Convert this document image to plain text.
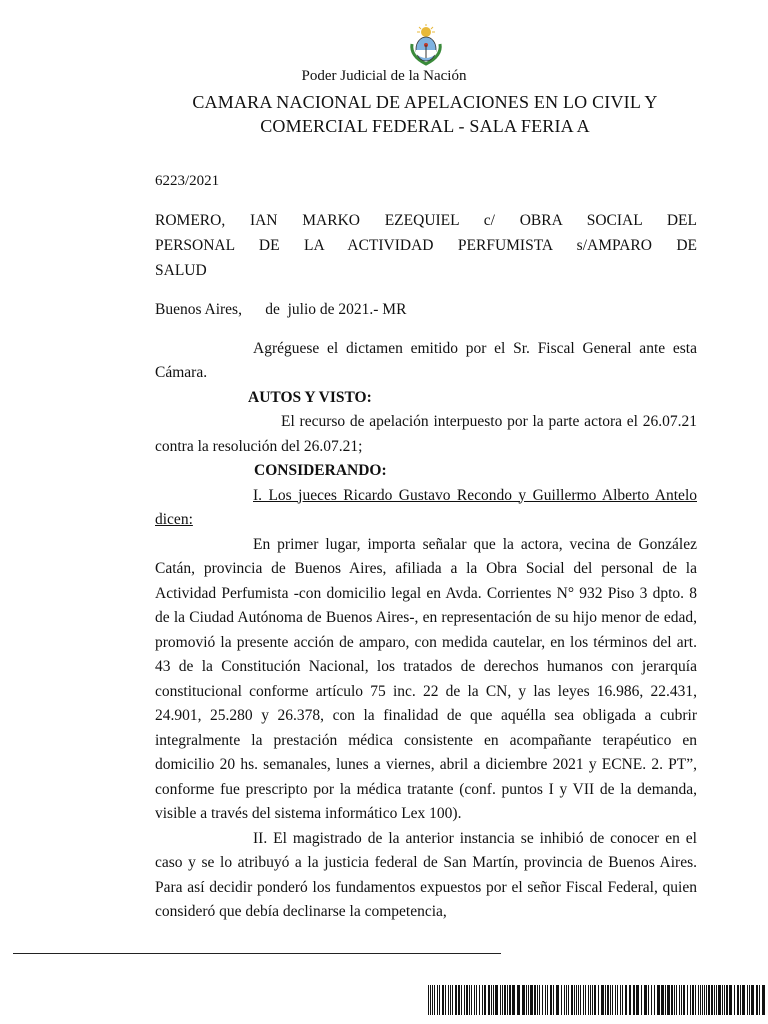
Poder Judicial de la Nación
CAMARA NACIONAL DE APELACIONES EN LO CIVIL Y
COMERCIAL FEDERAL - SALA FERIA A
6223/2021
ROMERO, IAN MARKO EZEQUIEL c/ OBRA SOCIAL DEL
PERSONAL DE LA ACTIVIDAD PERFUMISTA s/AMPARO DE
SALUD

Buenos Aires,      de  julio de 2021.- MR

Agréguese el dictamen emitido por el Sr. Fiscal General ante esta Cámara.

AUTOS Y VISTO:

El recurso de apelación interpuesto por la parte actora el 26.07.21 contra la resolución del 26.07.21;

CONSIDERANDO:

I. Los jueces Ricardo Gustavo Recondo y Guillermo Alberto Antelo dicen:

En primer lugar, importa señalar que la actora, vecina de González Catán, provincia de Buenos Aires, afiliada a la Obra Social del personal de la Actividad Perfumista -con domicilio legal en Avda. Corrientes N° 932 Piso 3 dpto. 8 de la Ciudad Autónoma de Buenos Aires-, en representación de su hijo menor de edad, promovió la presente acción de amparo, con medida cautelar, en los términos del art. 43 de la Constitución Nacional, los tratados de derechos humanos con jerarquía constitucional conforme artículo 75 inc. 22 de la CN, y las leyes 16.986, 22.431, 24.901, 25.280 y 26.378, con la finalidad de que aquélla sea obligada a cubrir integralmente la prestación médica consistente en acompañante terapéutico en domicilio 20 hs. semanales, lunes a viernes, abril a diciembre 2021 y ECNE. 2. PT”, conforme fue prescripto por la médica tratante (conf. puntos I y VII de la demanda, visible a través del sistema informático Lex 100).

II. El magistrado de la anterior instancia se inhibió de conocer en el caso y se lo atribuyó a la justicia federal de San Martín, provincia de Buenos Aires. Para así decidir ponderó los fundamentos expuestos por el señor Fiscal Federal, quien consideró que debía declinarse la competencia,
